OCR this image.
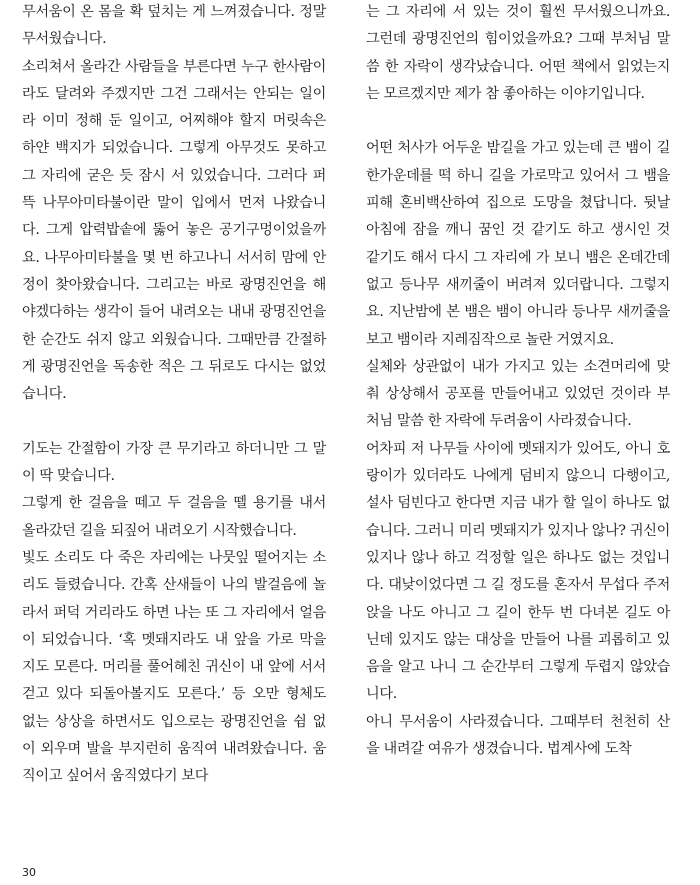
무서움이 온 몸을 확 덮치는 게 느껴졌습니다. 정말 무서웠습니다.

소리쳐서 올라간 사람들을 부른다면 누구 한사람이라도 달려와 주겠지만 그건 그래서는 안되는 일이라 이미 정해 둔 일이고, 어찌해야 할지 머릿속은 하얀 백지가 되었습니다. 그렇게 아무것도 못하고 그 자리에 굳은 듯 잠시 서 있었습니다. 그러다 퍼뜩 나무아미타불이란 말이 입에서 먼저 나왔습니다. 그게 압력밥솥에 뚫어 놓은 공기구멍이었을까요. 나무아미타불을 몇 번 하고나니 서서히 맘에 안정이 찾아왔습니다. 그리고는 바로 광명진언을 해야겠다하는 생각이 들어 내려오는 내내 광명진언을 한 순간도 쉬지 않고 외웠습니다. 그때만큼 간절하게 광명진언을 독송한 적은 그 뒤로도 다시는 없었습니다.

기도는 간절함이 가장 큰 무기라고 하더니만 그 말이 딱 맞습니다.

그렇게 한 걸음을 떼고 두 걸음을 뗄 용기를 내서 올라갔던 길을 되짚어 내려오기 시작했습니다.

빛도 소리도 다 죽은 자리에는 나뭇잎 떨어지는 소리도 들렸습니다. 간혹 산새들이 나의 발걸음에 놀라서 퍼덕 거리라도 하면 나는 또 그 자리에서 얼음이 되었습니다. ‘혹 멧돼지라도 내 앞을 가로 막을지도 모른다. 머리를 풀어헤친 귀신이 내 앞에 서서 걷고 있다 되돌아볼지도 모른다.’ 등 오만 형체도 없는 상상을 하면서도 입으로는 광명진언을 쉼 없이 외우며 발을 부지런히 움직여 내려왔습니다. 움직이고 싶어서 움직였다기 보다

는 그 자리에 서 있는 것이 훨씬 무서웠으니까요. 그런데 광명진언의 힘이었을까요? 그때 부처님 말씀 한 자락이 생각났습니다. 어떤 책에서 읽었는지는 모르겠지만 제가 참 좋아하는 이야기입니다.

어떤 처사가 어두운 밤길을 가고 있는데 큰 뱀이 길 한가운데를 떡 하니 길을 가로막고 있어서 그 뱀을 피해 혼비백산하여 집으로 도망을 쳤답니다. 뒷날 아침에 잠을 깨니 꿈인 것 같기도 하고 생시인 것 같기도 해서 다시 그 자리에 가 보니 뱀은 온데간데없고 등나무 새끼줄이 버려져 있더랍니다. 그렇지요. 지난밤에 본 뱀은 뱀이 아니라 등나무 새끼줄을 보고 뱀이라 지레짐작으로 놀란 거였지요.

실체와 상관없이 내가 가지고 있는 소견머리에 맞춰 상상해서 공포를 만들어내고 있었던 것이라 부처님 말씀 한 자락에 두려움이 사라졌습니다.

어차피 저 나무들 사이에 멧돼지가 있어도, 아니 호랑이가 있더라도 나에게 덤비지 않으니 다행이고, 설사 덤빈다고 한다면 지금 내가 할 일이 하나도 없습니다. 그러니 미리 멧돼지가 있지나 않나? 귀신이 있지나 않나 하고 걱정할 일은 하나도 없는 것입니다. 대낮이었다면 그 길 정도를 혼자서 무섭다 주저앉을 나도 아니고 그 길이 한두 번 다녀본 길도 아닌데 있지도 않는 대상을 만들어 나를 괴롭히고 있음을 알고 나니 그 순간부터 그렇게 두렵지 않았습니다.

아니 무서움이 사라졌습니다. 그때부터 천천히 산을 내려갈 여유가 생겼습니다. 법계사에 도착

30
